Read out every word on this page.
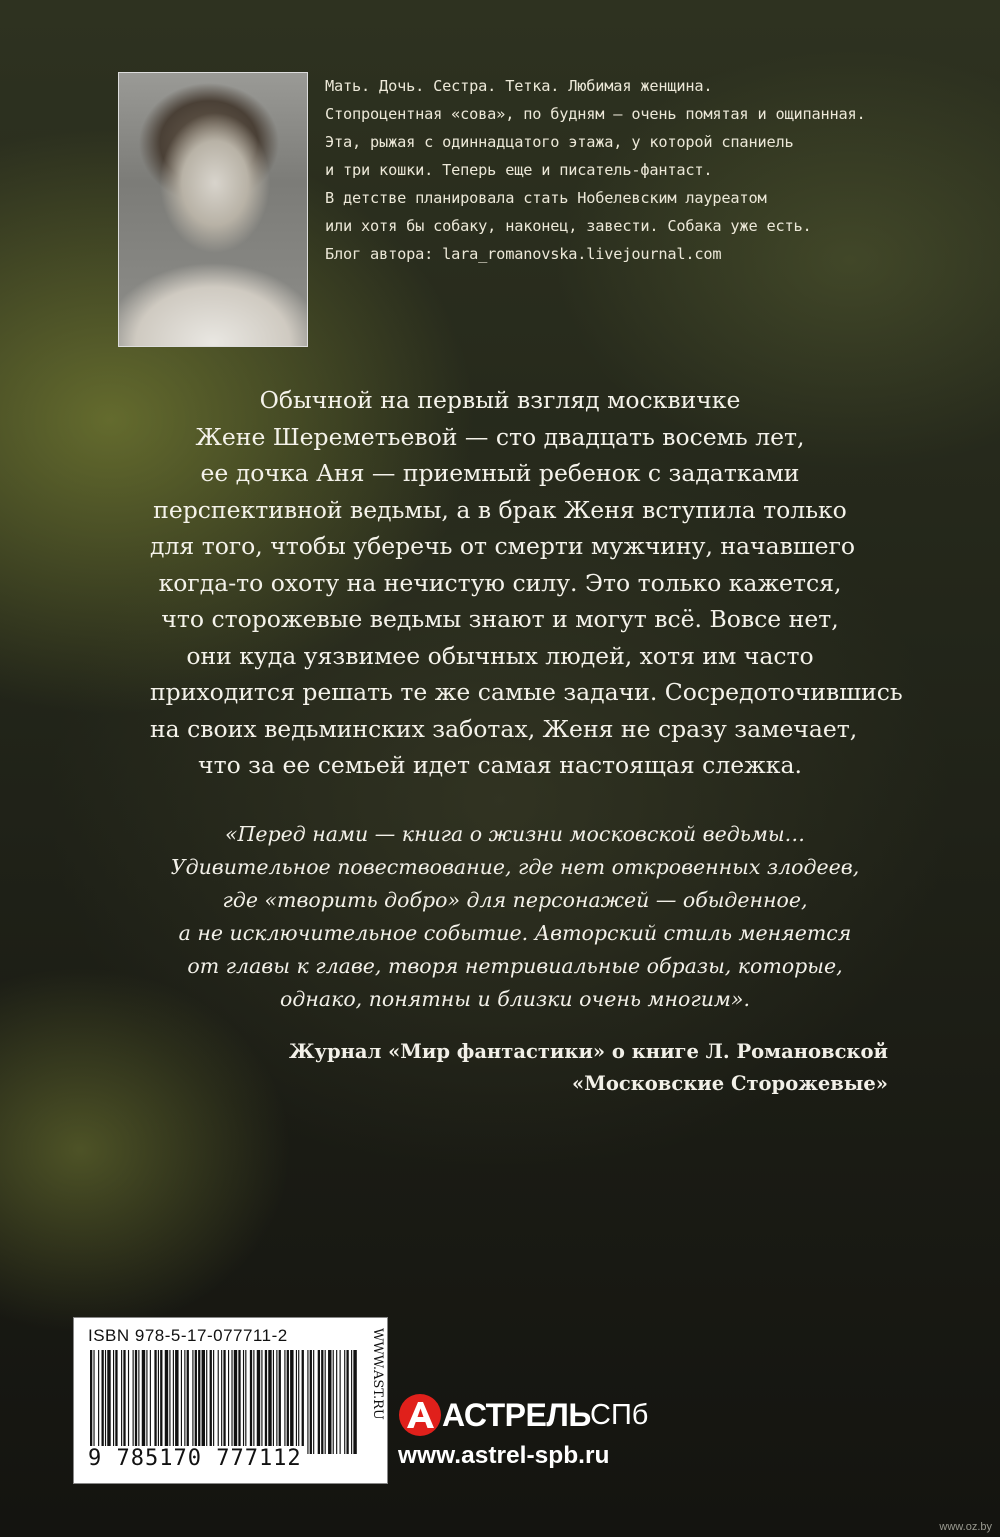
Мать. Дочь. Сестра. Тетка. Любимая женщина.
Стопроцентная «сова», по будням — очень помятая и ощипанная.
Эта, рыжая с одиннадцатого этажа, у которой спаниель
и три кошки. Теперь еще и писатель-фантаст.
В детстве планировала стать Нобелевским лауреатом
или хотя бы собаку, наконец, завести. Собака уже есть.
Блог автора: lara_romanovska.livejournal.com
Обычной на первый взгляд москвичке
Жене Шереметьевой — сто двадцать восемь лет,
ее дочка Аня — приемный ребенок с задатками
перспективной ведьмы, а в брак Женя вступила только
для того, чтобы уберечь от смерти мужчину, начавшего
когда-то охоту на нечистую силу. Это только кажется,
что сторожевые ведьмы знают и могут всё. Вовсе нет,
они куда уязвимее обычных людей, хотя им часто
приходится решать те же самые задачи. Сосредоточившись
на своих ведьминских заботах, Женя не сразу замечает,
что за ее семьей идет самая настоящая слежка.
«Перед нами — книга о жизни московской ведьмы…
Удивительное повествование, где нет откровенных злодеев,
где «творить добро» для персонажей — обыденное,
а не исключительное событие. Авторский стиль меняется
от главы к главе, творя нетривиальные образы, которые,
однако, понятны и близки очень многим».
Журнал «Мир фантастики» о книге Л. Романовской
«Московские Сторожевые»
ISBN 978-5-17-077711-2
9 785170 777112
WWW.AST.RU АСТРЕЛЬ СПб
www.astrel-spb.ru
www.oz.by
